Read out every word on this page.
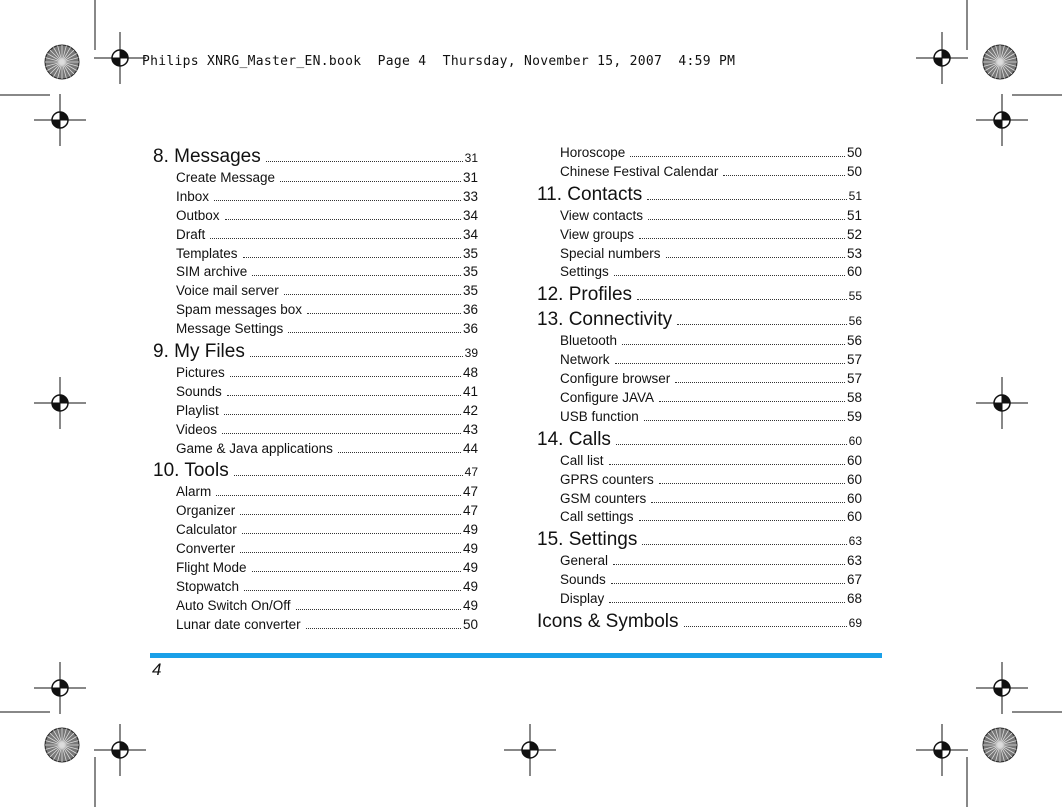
Philips XNRG_Master_EN.book  Page 4  Thursday, November 15, 2007  4:59 PM
8. Messages	31
Create Message	31
Inbox	33
Outbox	34
Draft	34
Templates	35
SIM archive	35
Voice mail server	35
Spam messages box	36
Message Settings	36
9. My Files	39
Pictures	48
Sounds	41
Playlist	42
Videos	43
Game & Java applications	44
10. Tools	47
Alarm	47
Organizer	47
Calculator	49
Converter	49
Flight Mode	49
Stopwatch	49
Auto Switch On/Off	49
Lunar date converter	50
Horoscope	50
Chinese Festival Calendar	50
11. Contacts	51
View contacts	51
View groups	52
Special numbers	53
Settings	60
12. Profiles	55
13. Connectivity	56
Bluetooth	56
Network	57
Configure browser	57
Configure JAVA	58
USB function	59
14. Calls	60
Call list	60
GPRS counters	60
GSM counters	60
Call settings	60
15. Settings	63
General	63
Sounds	67
Display	68
Icons & Symbols	69
4
